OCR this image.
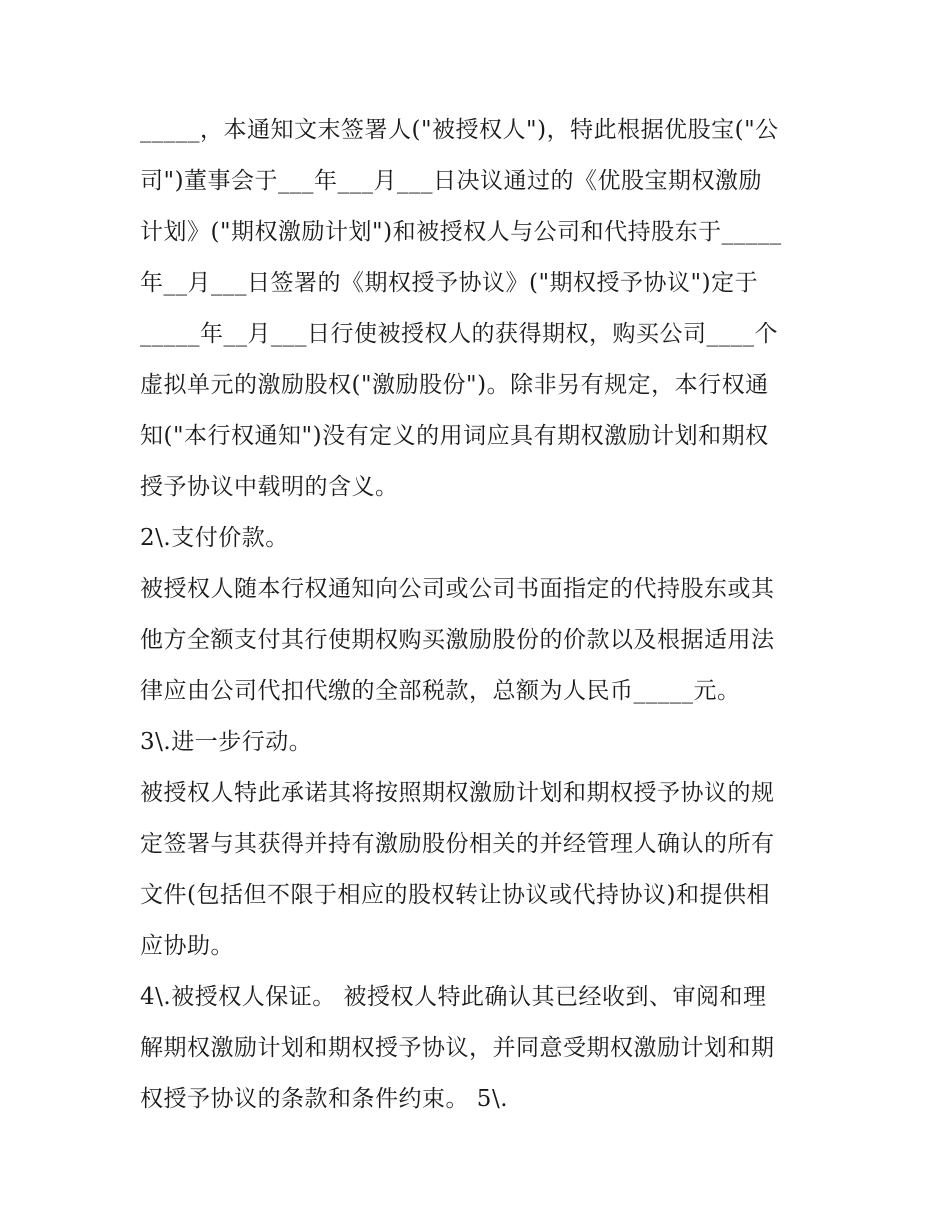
_____，本通知文末签署人("被授权人")，特此根据优股宝("公
司")董事会于___年___月___日决议通过的《优股宝期权激励
计划》("期权激励计划")和被授权人与公司和代持股东于_____
年__月___日签署的《期权授予协议》("期权授予协议")定于
_____年__月___日行使被授权人的获得期权，购买公司____个
虚拟单元的激励股权("激励股份")。除非另有规定，本行权通
知("本行权通知")没有定义的用词应具有期权激励计划和期权
授予协议中载明的含义。
2\.支付价款。
被授权人随本行权通知向公司或公司书面指定的代持股东或其
他方全额支付其行使期权购买激励股份的价款以及根据适用法
律应由公司代扣代缴的全部税款，总额为人民币_____元。
3\.进一步行动。
被授权人特此承诺其将按照期权激励计划和期权授予协议的规
定签署与其获得并持有激励股份相关的并经管理人确认的所有
文件(包括但不限于相应的股权转让协议或代持协议)和提供相
应协助。
4\.被授权人保证。 被授权人特此确认其已经收到、审阅和理
解期权激励计划和期权授予协议，并同意受期权激励计划和期
权授予协议的条款和条件约束。 5\.
